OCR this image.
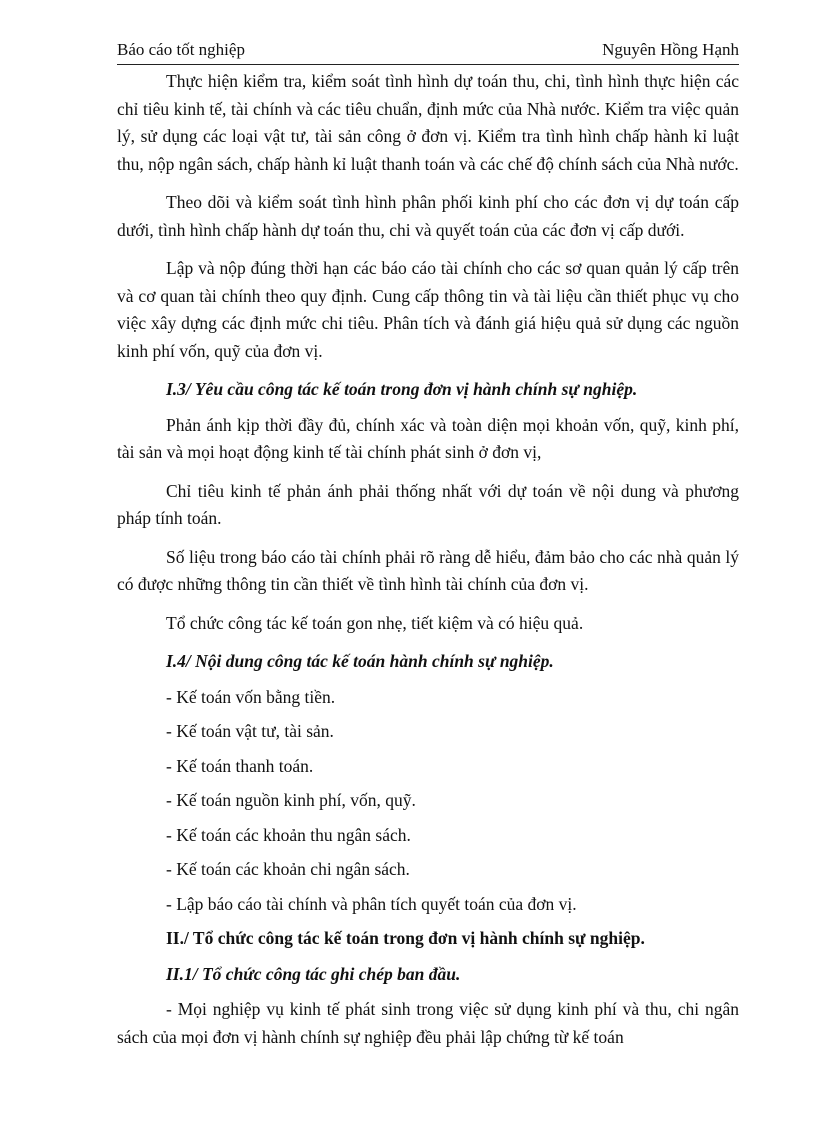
Báo cáo tốt nghiệp	Nguyên Hồng Hạnh

Thực hiện kiểm tra, kiểm soát tình hình dự toán thu, chi, tình hình thực hiện các chỉ tiêu kinh tế, tài chính và các tiêu chuẩn, định mức của Nhà nước. Kiểm tra việc quản lý, sử dụng các loại vật tư, tài sản công ở đơn vị. Kiểm tra tình hình chấp hành kỉ luật thu, nộp ngân sách, chấp hành kỉ luật thanh toán và các chế độ chính sách của Nhà nước.

Theo dõi và kiểm soát tình hình phân phối kinh phí cho các đơn vị dự toán cấp dưới, tình hình chấp hành dự toán thu, chi và quyết toán của các đơn vị cấp dưới.

Lập và nộp đúng thời hạn các báo cáo tài chính cho các sơ quan quản lý cấp trên và cơ quan tài chính theo quy định. Cung cấp thông tin và tài liệu cần thiết phục vụ cho việc xây dựng các định mức chi tiêu. Phân tích và đánh giá hiệu quả sử dụng các nguồn kinh phí vốn, quỹ của đơn vị.

I.3/ Yêu cầu công tác kế toán trong đơn vị hành chính sự nghiệp.

Phản ánh kịp thời đầy đủ, chính xác và toàn diện mọi khoản vốn, quỹ, kinh phí, tài sản và mọi hoạt động kinh tế tài chính phát sinh ở đơn vị,

Chỉ tiêu kinh tế phản ánh phải thống nhất với dự toán về nội dung và phương pháp tính toán.

Số liệu trong báo cáo tài chính phải rõ ràng dễ hiểu, đảm bảo cho các nhà quản lý có được những thông tin cần thiết về tình hình tài chính của đơn vị.

Tổ chức công tác kế toán gon nhẹ, tiết kiệm và có hiệu quả.

I.4/ Nội dung công tác kế toán hành chính sự nghiệp.

- Kế toán vốn bằng tiền.

- Kế toán vật tư, tài sản.

- Kế toán thanh toán.

- Kế toán nguồn kinh phí, vốn, quỹ.

- Kế toán các khoản thu ngân sách.

- Kế toán các khoản chi ngân sách.

- Lập báo cáo tài chính và phân tích quyết toán của đơn vị.

II./ Tổ chức công tác kế toán trong đơn vị hành chính sự nghiệp.

II.1/ Tổ chức công tác ghi chép ban đầu.

- Mọi nghiệp vụ kinh tế phát sinh trong việc sử dụng kinh phí và thu, chi ngân sách của mọi đơn vị hành chính sự nghiệp đều phải lập chứng từ kế toán
